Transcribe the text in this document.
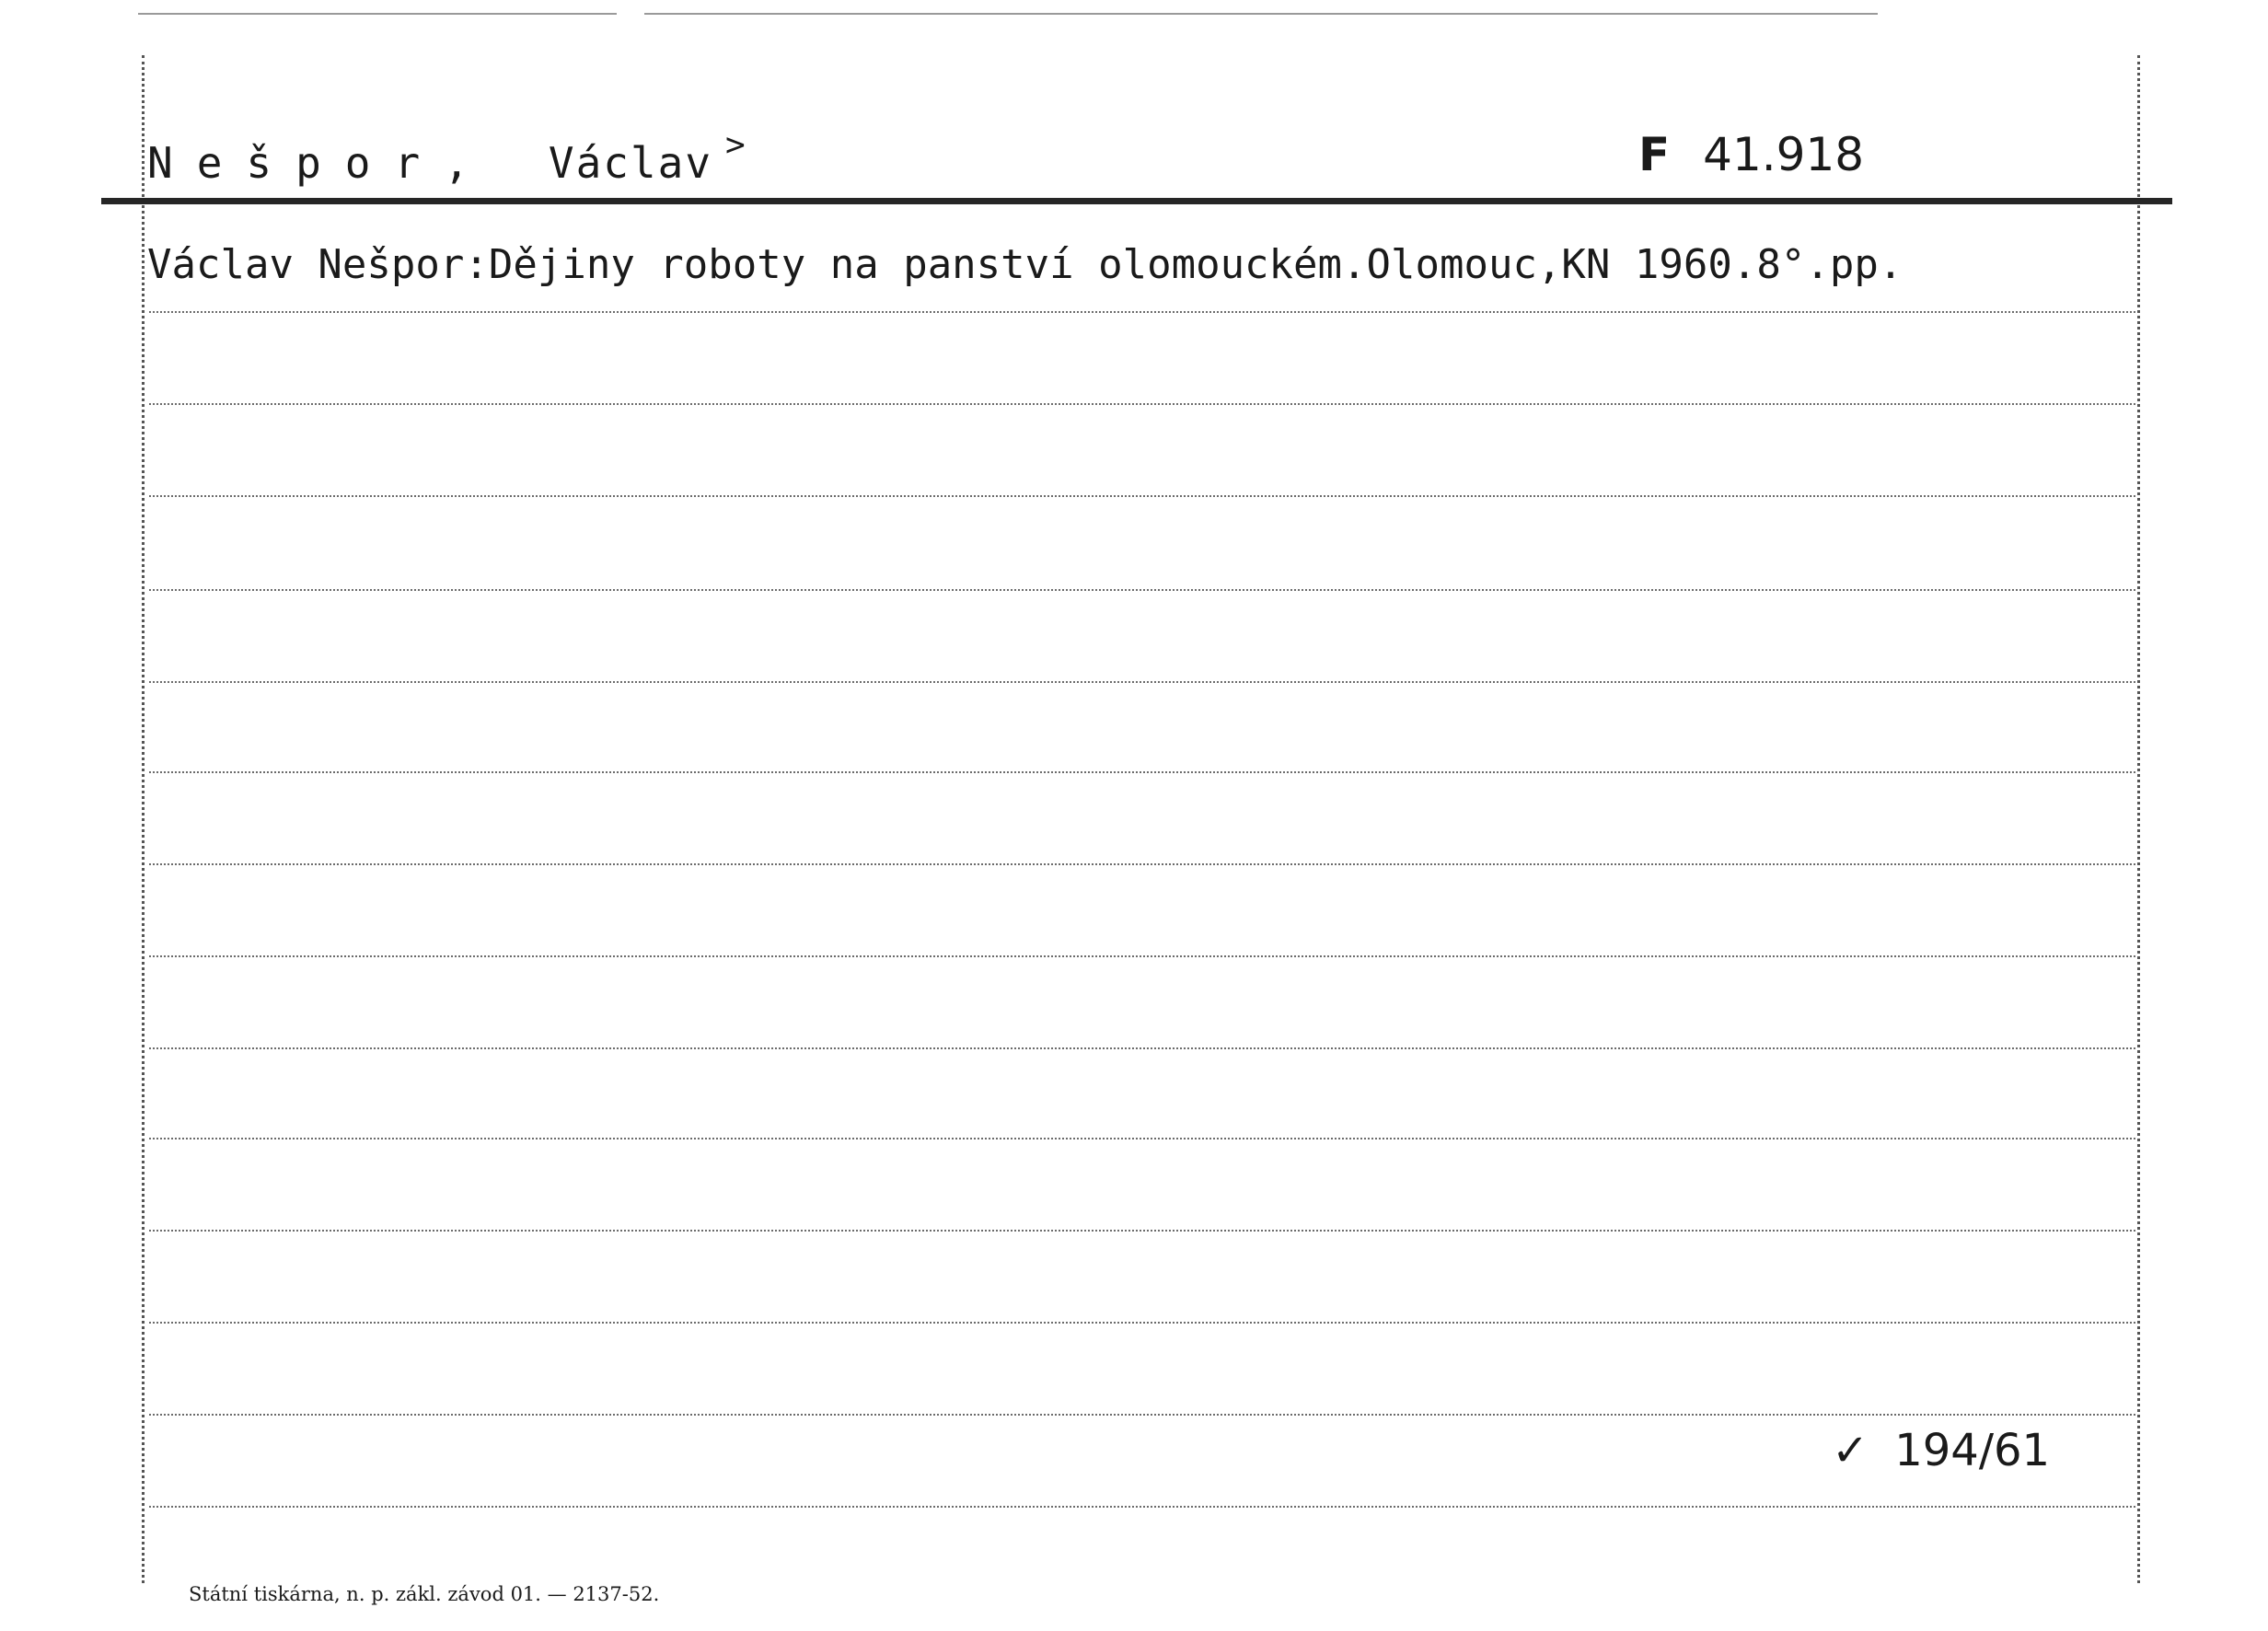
Nešpor, Václav >	F 41.918
Václav Nešpor:Dějiny roboty na panství olomouckém.Olomouc,KN 1960.8°.pp.
✓ 194/61
Státní tiskárna, n. p. zákl. závod 01. — 2137-52.
